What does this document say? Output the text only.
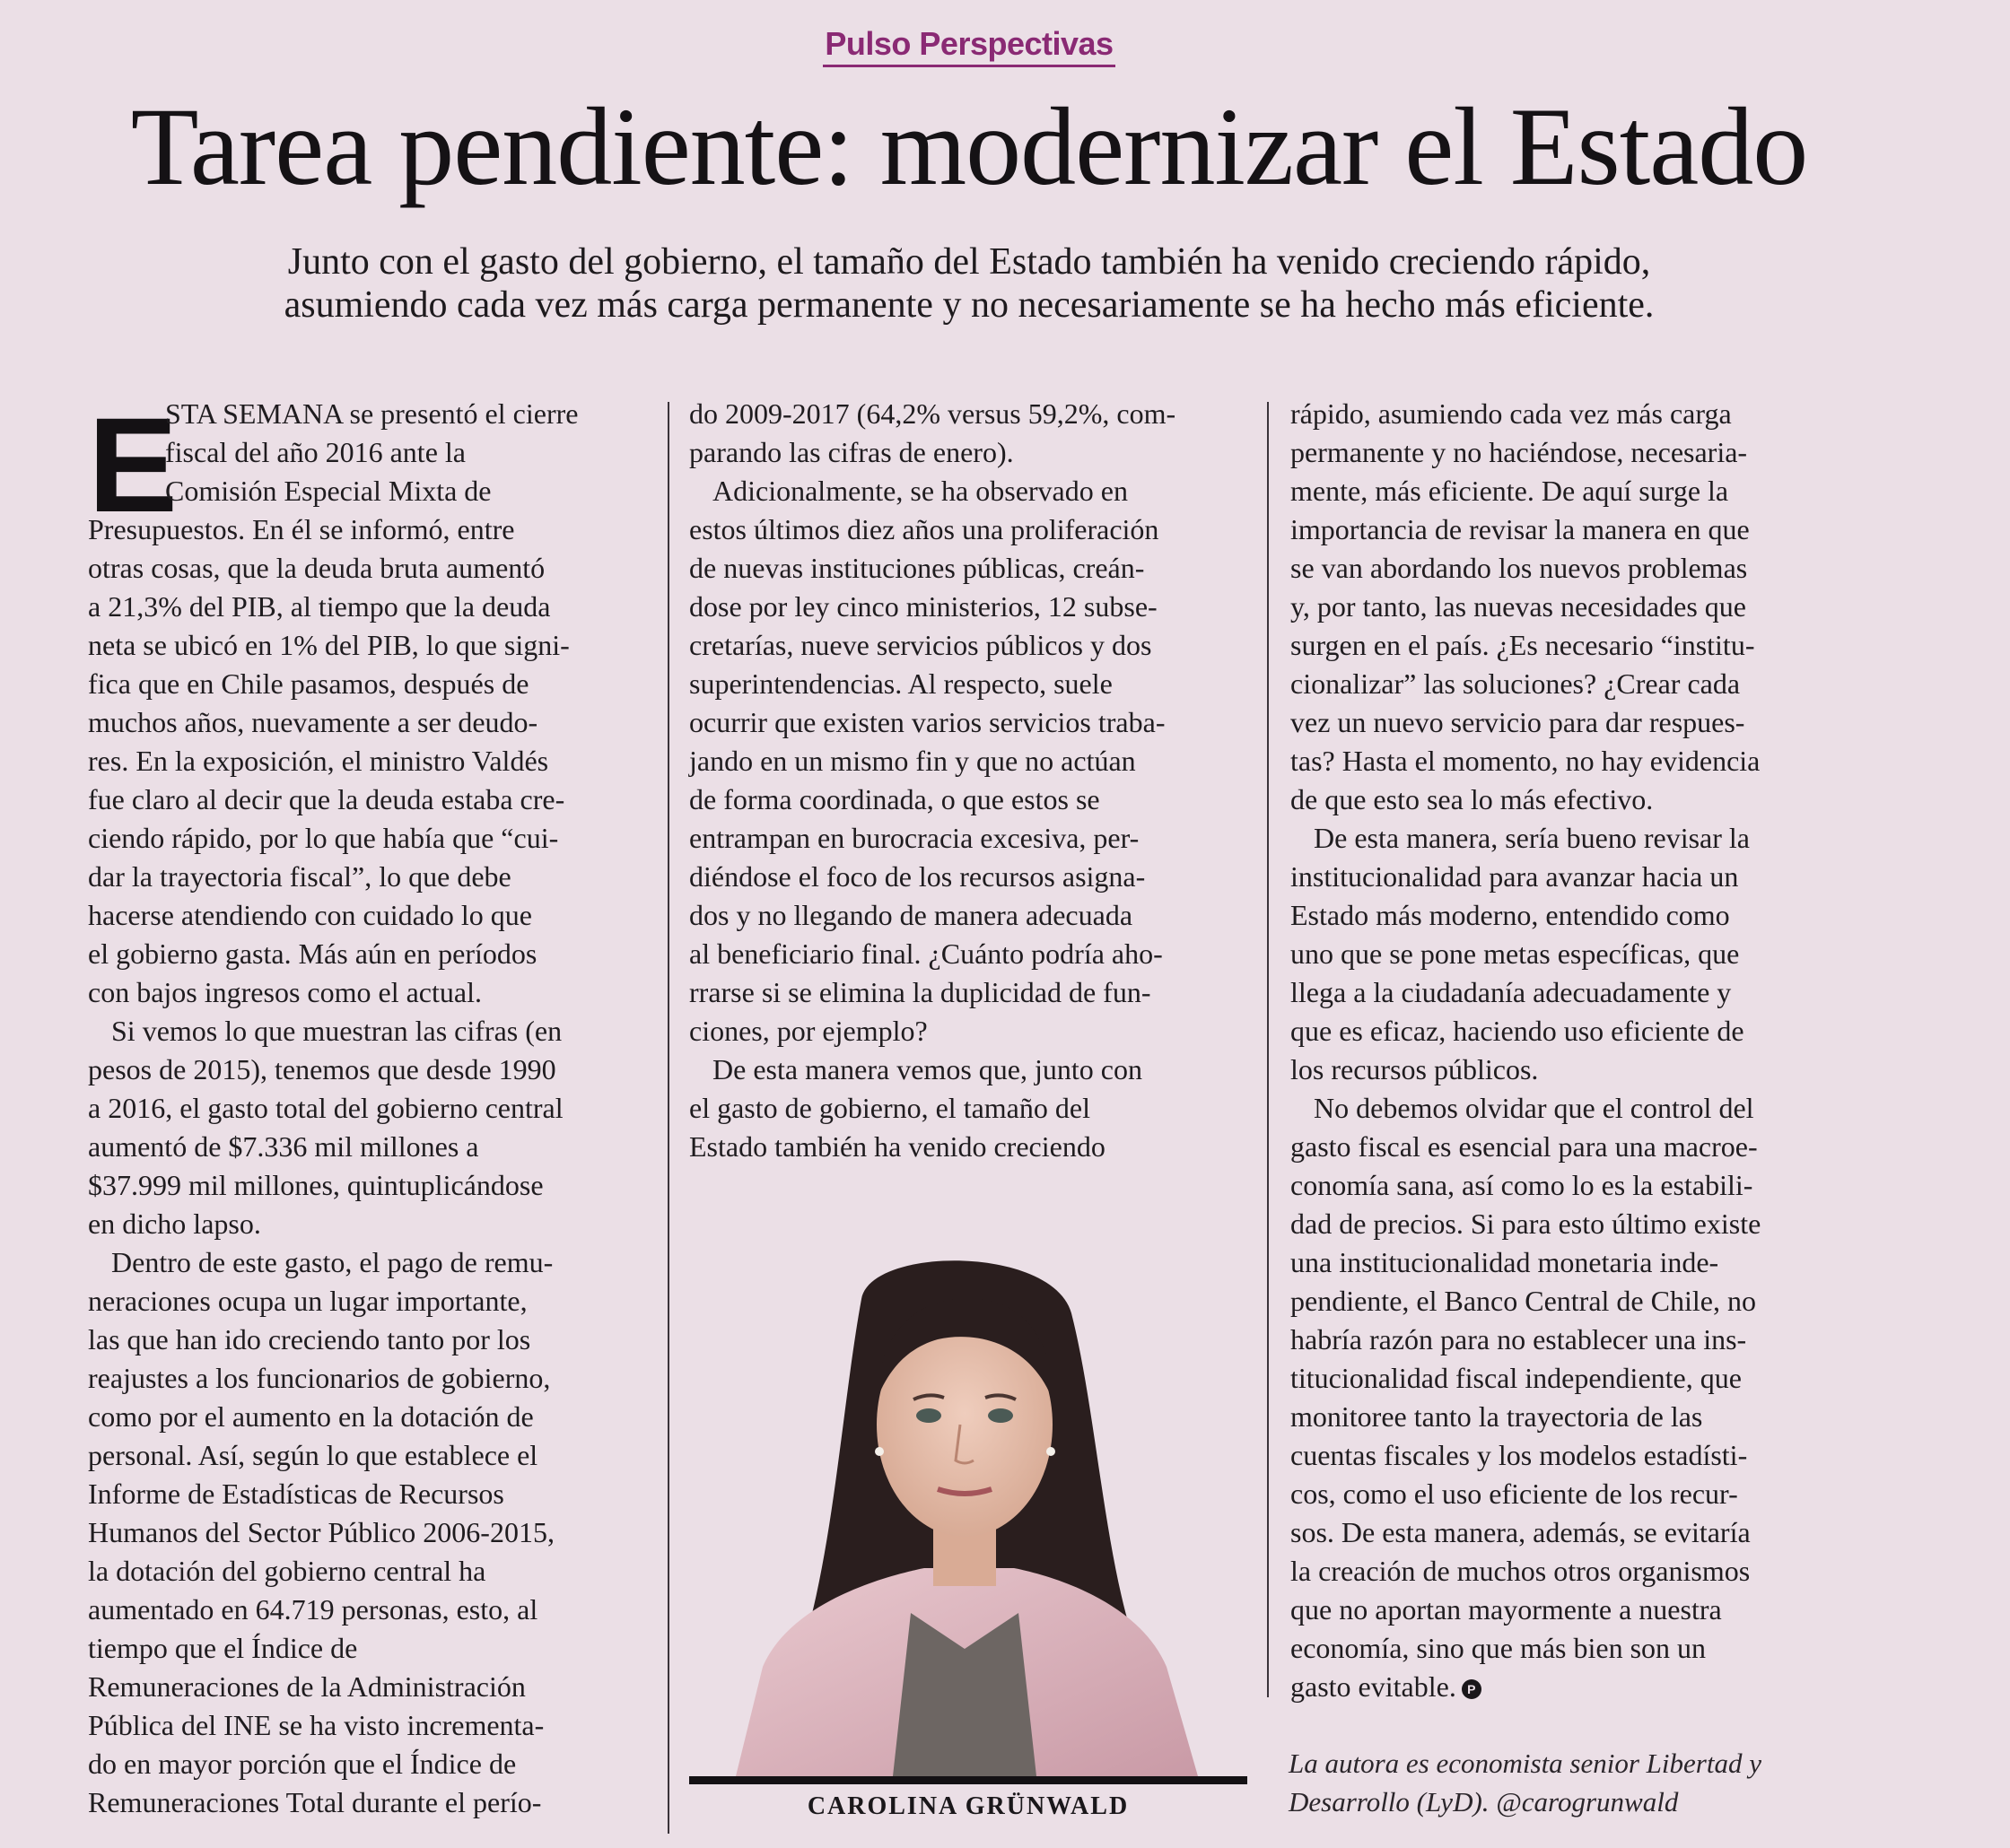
Pulso Perspectivas
Tarea pendiente: modernizar el Estado
Junto con el gasto del gobierno, el tamaño del Estado también ha venido creciendo rápido,
asumiendo cada vez más carga permanente y no necesariamente se ha hecho más eficiente.
E
STA SEMANA se presentó el cierre
fiscal del año 2016 ante la
Comisión Especial Mixta de
Presupuestos. En él se informó, entre
otras cosas, que la deuda bruta aumentó
a 21,3% del PIB, al tiempo que la deuda
neta se ubicó en 1% del PIB, lo que signi-
fica que en Chile pasamos, después de
muchos años, nuevamente a ser deudo-
res. En la exposición, el ministro Valdés
fue claro al decir que la deuda estaba cre-
ciendo rápido, por lo que había que “cui-
dar la trayectoria fiscal”, lo que debe
hacerse atendiendo con cuidado lo que
el gobierno gasta. Más aún en períodos
con bajos ingresos como el actual.
Si vemos lo que muestran las cifras (en
pesos de 2015), tenemos que desde 1990
a 2016, el gasto total del gobierno central
aumentó de $7.336 mil millones a
$37.999 mil millones, quintuplicándose
en dicho lapso.
Dentro de este gasto, el pago de remu-
neraciones ocupa un lugar importante,
las que han ido creciendo tanto por los
reajustes a los funcionarios de gobierno,
como por el aumento en la dotación de
personal. Así, según lo que establece el
Informe de Estadísticas de Recursos
Humanos del Sector Público 2006-2015,
la dotación del gobierno central ha
aumentado en 64.719 personas, esto, al
tiempo que el Índice de
Remuneraciones de la Administración
Pública del INE se ha visto incrementa-
do en mayor porción que el Índice de
Remuneraciones Total durante el perío-
do 2009-2017 (64,2% versus 59,2%, com-
parando las cifras de enero).
Adicionalmente, se ha observado en
estos últimos diez años una proliferación
de nuevas instituciones públicas, creán-
dose por ley cinco ministerios, 12 subse-
cretarías, nueve servicios públicos y dos
superintendencias. Al respecto, suele
ocurrir que existen varios servicios traba-
jando en un mismo fin y que no actúan
de forma coordinada, o que estos se
entrampan en burocracia excesiva, per-
diéndose el foco de los recursos asigna-
dos y no llegando de manera adecuada
al beneficiario final. ¿Cuánto podría aho-
rrarse si se elimina la duplicidad de fun-
ciones, por ejemplo?
De esta manera vemos que, junto con
el gasto de gobierno, el tamaño del
Estado también ha venido creciendo
rápido, asumiendo cada vez más carga
permanente y no haciéndose, necesaria-
mente, más eficiente. De aquí surge la
importancia de revisar la manera en que
se van abordando los nuevos problemas
y, por tanto, las nuevas necesidades que
surgen en el país. ¿Es necesario “institu-
cionalizar” las soluciones? ¿Crear cada
vez un nuevo servicio para dar respues-
tas? Hasta el momento, no hay evidencia
de que esto sea lo más efectivo.
De esta manera, sería bueno revisar la
institucionalidad para avanzar hacia un
Estado más moderno, entendido como
uno que se pone metas específicas, que
llega a la ciudadanía adecuadamente y
que es eficaz, haciendo uso eficiente de
los recursos públicos.
No debemos olvidar que el control del
gasto fiscal es esencial para una macroe-
conomía sana, así como lo es la estabili-
dad de precios. Si para esto último existe
una institucionalidad monetaria inde-
pendiente, el Banco Central de Chile, no
habría razón para no establecer una ins-
titucionalidad fiscal independiente, que
monitoree tanto la trayectoria de las
cuentas fiscales y los modelos estadísti-
cos, como el uso eficiente de los recur-
sos. De esta manera, además, se evitaría
la creación de muchos otros organismos
que no aportan mayormente a nuestra
economía, sino que más bien son un
gasto evitable. P
CAROLINA GRÜNWALD
La autora es economista senior Libertad y
Desarrollo (LyD). @carogrunwald
